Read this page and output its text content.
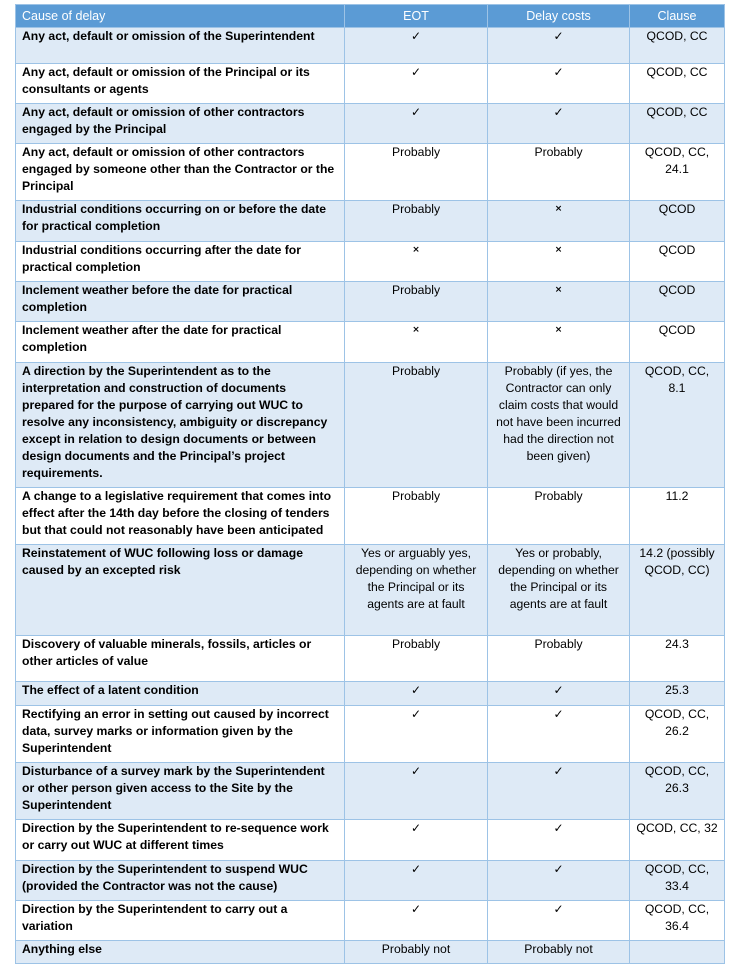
Cause of delay	EOT	Delay costs	Clause
Any act, default or omission of the Superintendent	✓	✓	QCOD, CC
Any act, default or omission of the Principal or its consultants or agents	✓	✓	QCOD, CC
Any act, default or omission of other contractors engaged by the Principal	✓	✓	QCOD, CC
Any act, default or omission of other contractors engaged by someone other than the Contractor or the Principal	Probably	Probably	QCOD, CC, 24.1
Industrial conditions occurring on or before the date for practical completion	Probably	×	QCOD
Industrial conditions occurring after the date for practical completion	×	×	QCOD
Inclement weather before the date for practical completion	Probably	×	QCOD
Inclement weather after the date for practical completion	×	×	QCOD
A direction by the Superintendent as to the interpretation and construction of documents prepared for the purpose of carrying out WUC to resolve any inconsistency, ambiguity or discrepancy except in relation to design documents or between design documents and the Principal’s project requirements.	Probably	Probably (if yes, the Contractor can only claim costs that would not have been incurred had the direction not been given)	QCOD, CC, 8.1
A change to a legislative requirement that comes into effect after the 14th day before the closing of tenders but that could not reasonably have been anticipated	Probably	Probably	11.2
Reinstatement of WUC following loss or damage caused by an excepted risk	Yes or arguably yes, depending on whether the Principal or its agents are at fault	Yes or probably, depending on whether the Principal or its agents are at fault	14.2 (possibly QCOD, CC)
Discovery of valuable minerals, fossils, articles or other articles of value	Probably	Probably	24.3
The effect of a latent condition	✓	✓	25.3
Rectifying an error in setting out caused by incorrect data, survey marks or information given by the Superintendent	✓	✓	QCOD, CC, 26.2
Disturbance of a survey mark by the Superintendent or other person given access to the Site by the Superintendent	✓	✓	QCOD, CC, 26.3
Direction by the Superintendent to re-sequence work or carry out WUC at different times	✓	✓	QCOD, CC, 32
Direction by the Superintendent to suspend WUC (provided the Contractor was not the cause)	✓	✓	QCOD, CC, 33.4
Direction by the Superintendent to carry out a variation	✓	✓	QCOD, CC, 36.4
Anything else	Probably not	Probably not	
